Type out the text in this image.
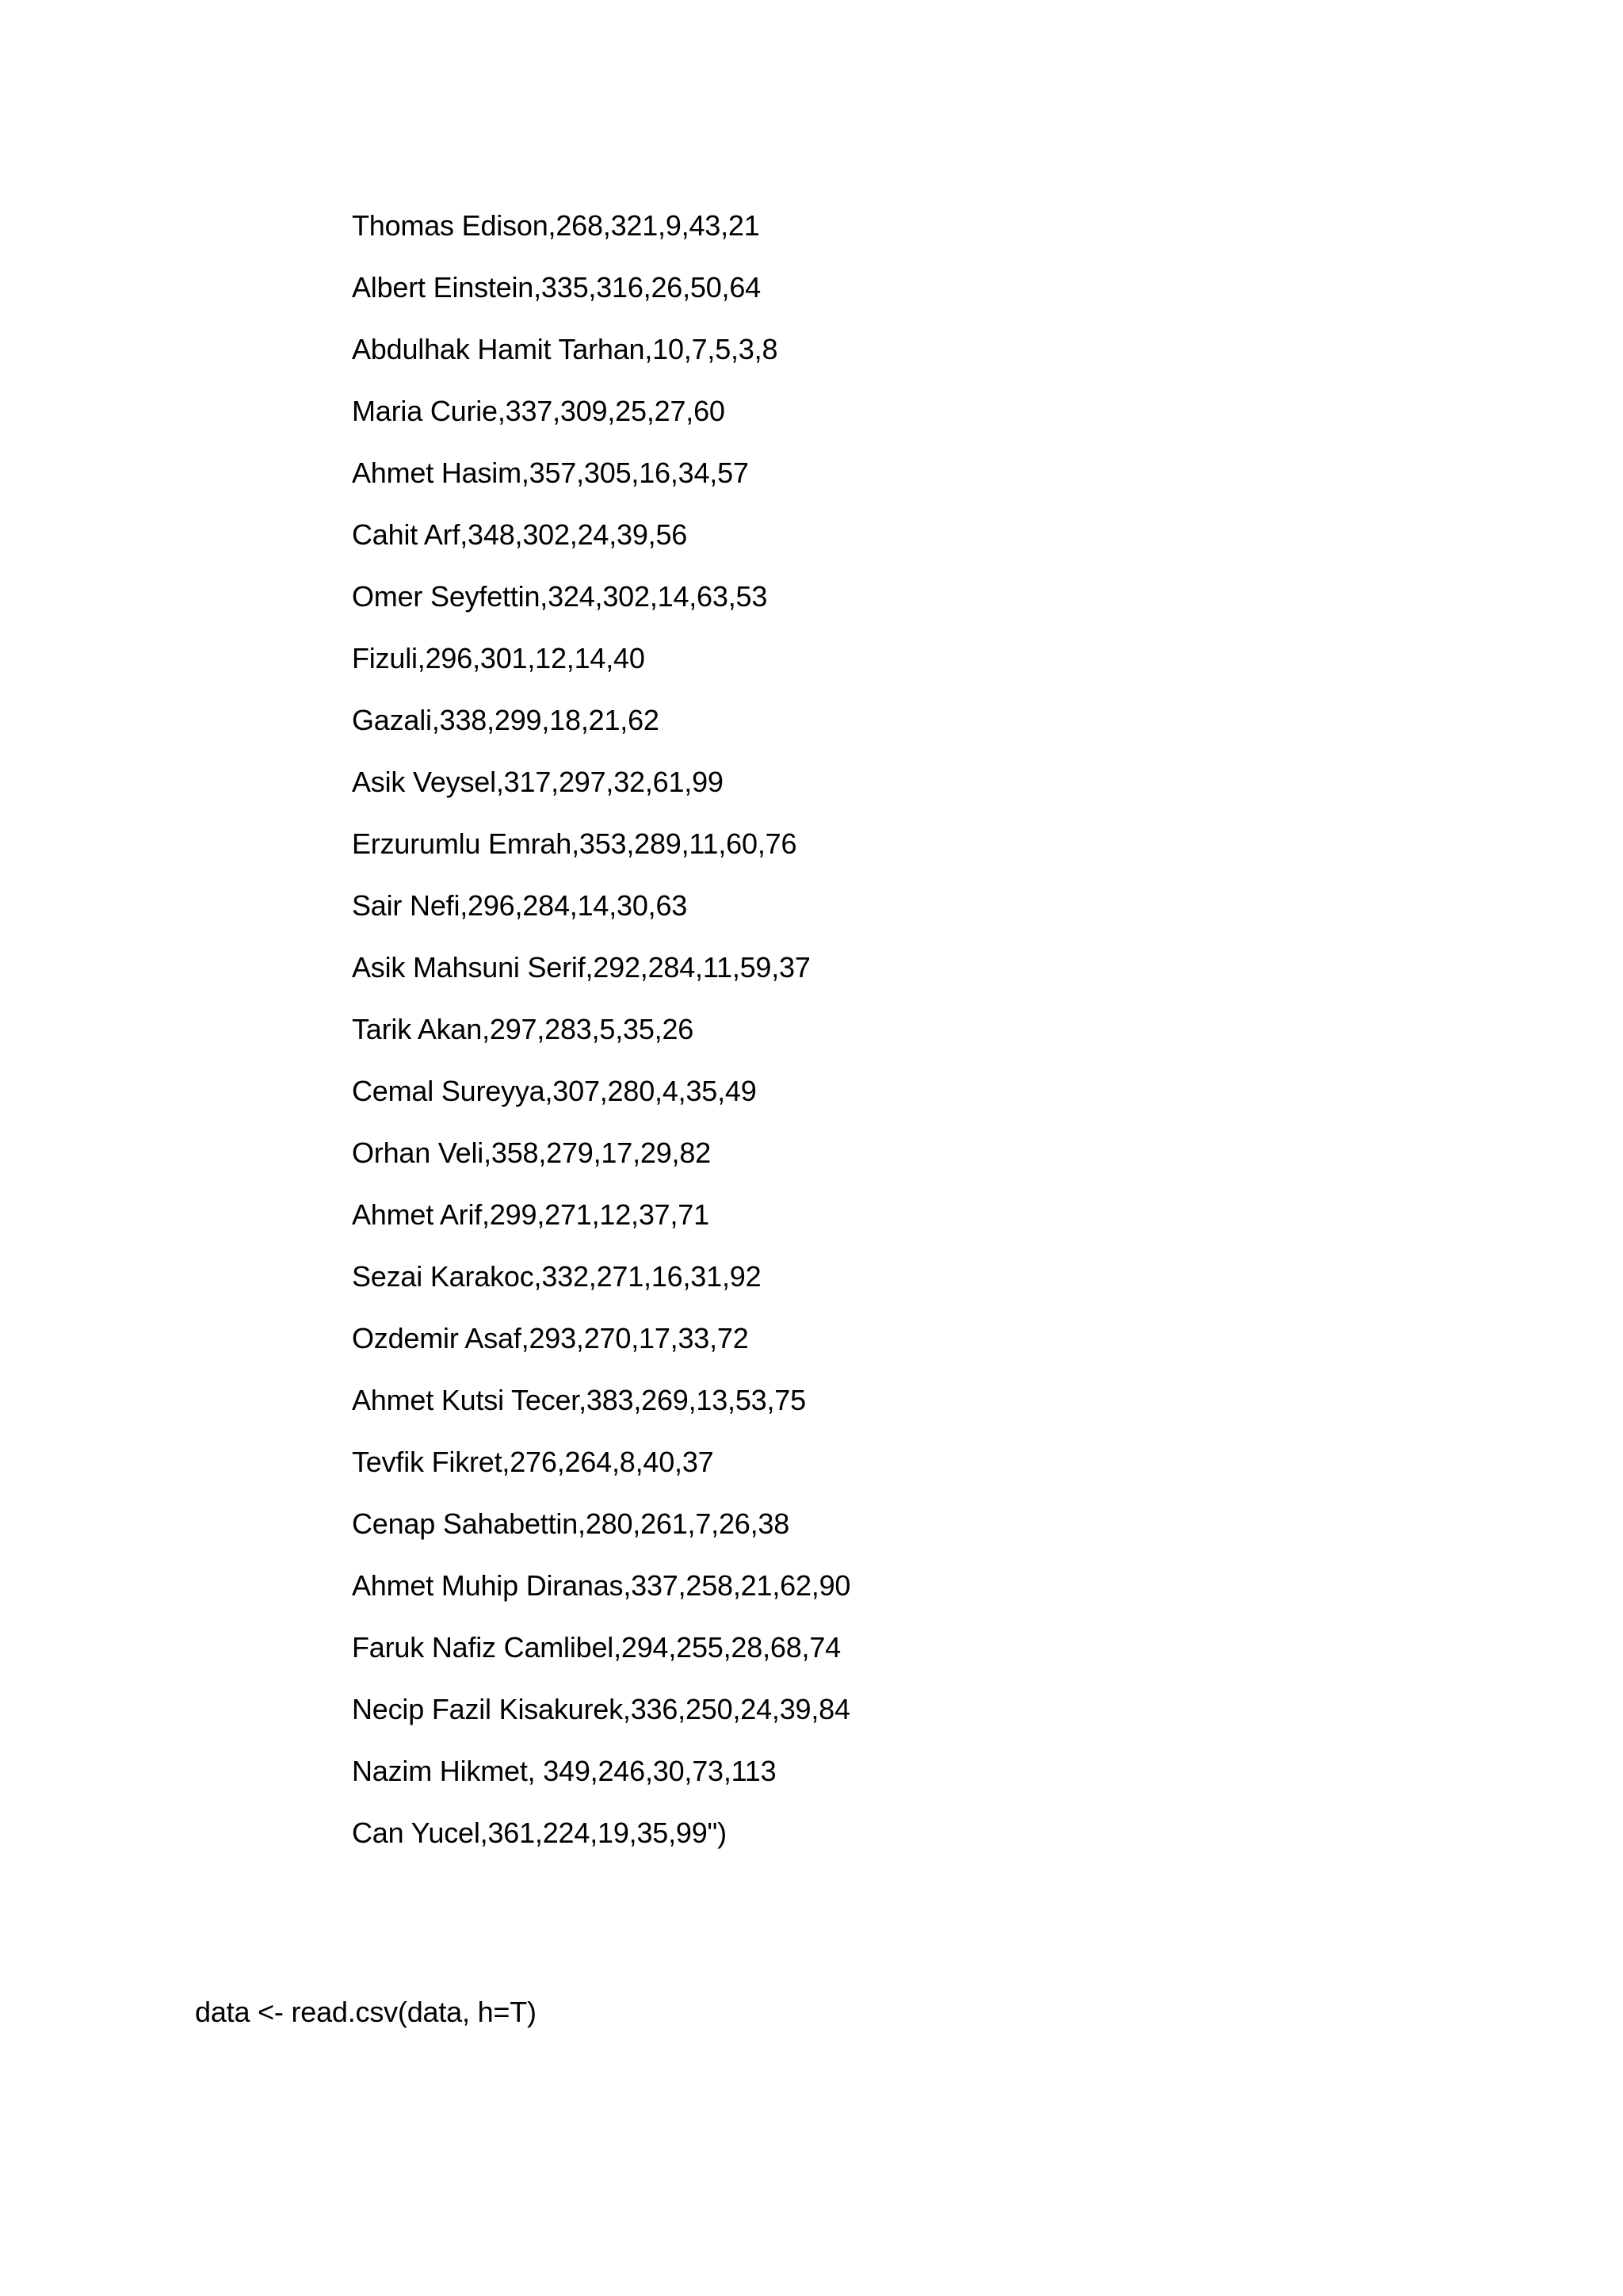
Thomas Edison,268,321,9,43,21
Albert Einstein,335,316,26,50,64
Abdulhak Hamit Tarhan,10,7,5,3,8
Maria Curie,337,309,25,27,60
Ahmet Hasim,357,305,16,34,57
Cahit Arf,348,302,24,39,56
Omer Seyfettin,324,302,14,63,53
Fizuli,296,301,12,14,40
Gazali,338,299,18,21,62
Asik Veysel,317,297,32,61,99
Erzurumlu Emrah,353,289,11,60,76
Sair Nefi,296,284,14,30,63
Asik Mahsuni Serif,292,284,11,59,37
Tarik Akan,297,283,5,35,26
Cemal Sureyya,307,280,4,35,49
Orhan Veli,358,279,17,29,82
Ahmet Arif,299,271,12,37,71
Sezai Karakoc,332,271,16,31,92
Ozdemir Asaf,293,270,17,33,72
Ahmet Kutsi Tecer,383,269,13,53,75
Tevfik Fikret,276,264,8,40,37
Cenap Sahabettin,280,261,7,26,38
Ahmet Muhip Diranas,337,258,21,62,90
Faruk Nafiz Camlibel,294,255,28,68,74
Necip Fazil Kisakurek,336,250,24,39,84
Nazim Hikmet, 349,246,30,73,113
Can Yucel,361,224,19,35,99")
data <- read.csv(data, h=T)
